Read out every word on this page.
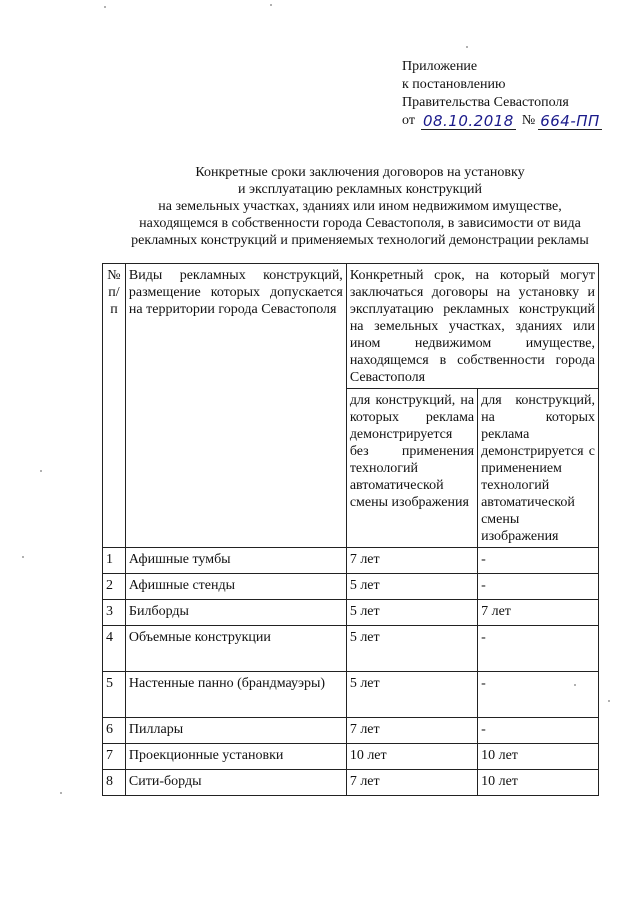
Приложение
к постановлению
Правительства Севастополя
от 08.10.2018 № 664-ПП
Конкретные сроки заключения договоров на установку
и эксплуатацию рекламных конструкций
на земельных участках, зданиях или ином недвижимом имуществе,
находящемся в собственности города Севастополя, в зависимости от вида
рекламных конструкций и применяемых технологий демонстрации рекламы
№ п/п	Виды рекламных конструкций, размещение которых допускается на территории города Севастополя	Конкретный срок, на который могут заключаться договоры на установку и эксплуатацию рекламных конструкций на земельных участках, зданиях или ином недвижимом имуществе, находящемся в собственности города Севастополя	
		для конструкций, на которых реклама демонстрируется без применения технологий автоматической смены изображения	для конструкций, на которых реклама демонстрируется с применением технологий автоматической смены изображения
1	Афишные тумбы	7 лет	-
2	Афишные стенды	5 лет	-
3	Билборды	5 лет	7 лет
4	Объемные конструкции	5 лет	-
5	Настенные панно (брандмауэры)	5 лет	-
6	Пиллары	7 лет	-
7	Проекционные установки	10 лет	10 лет
8	Сити-борды	7 лет	10 лет
